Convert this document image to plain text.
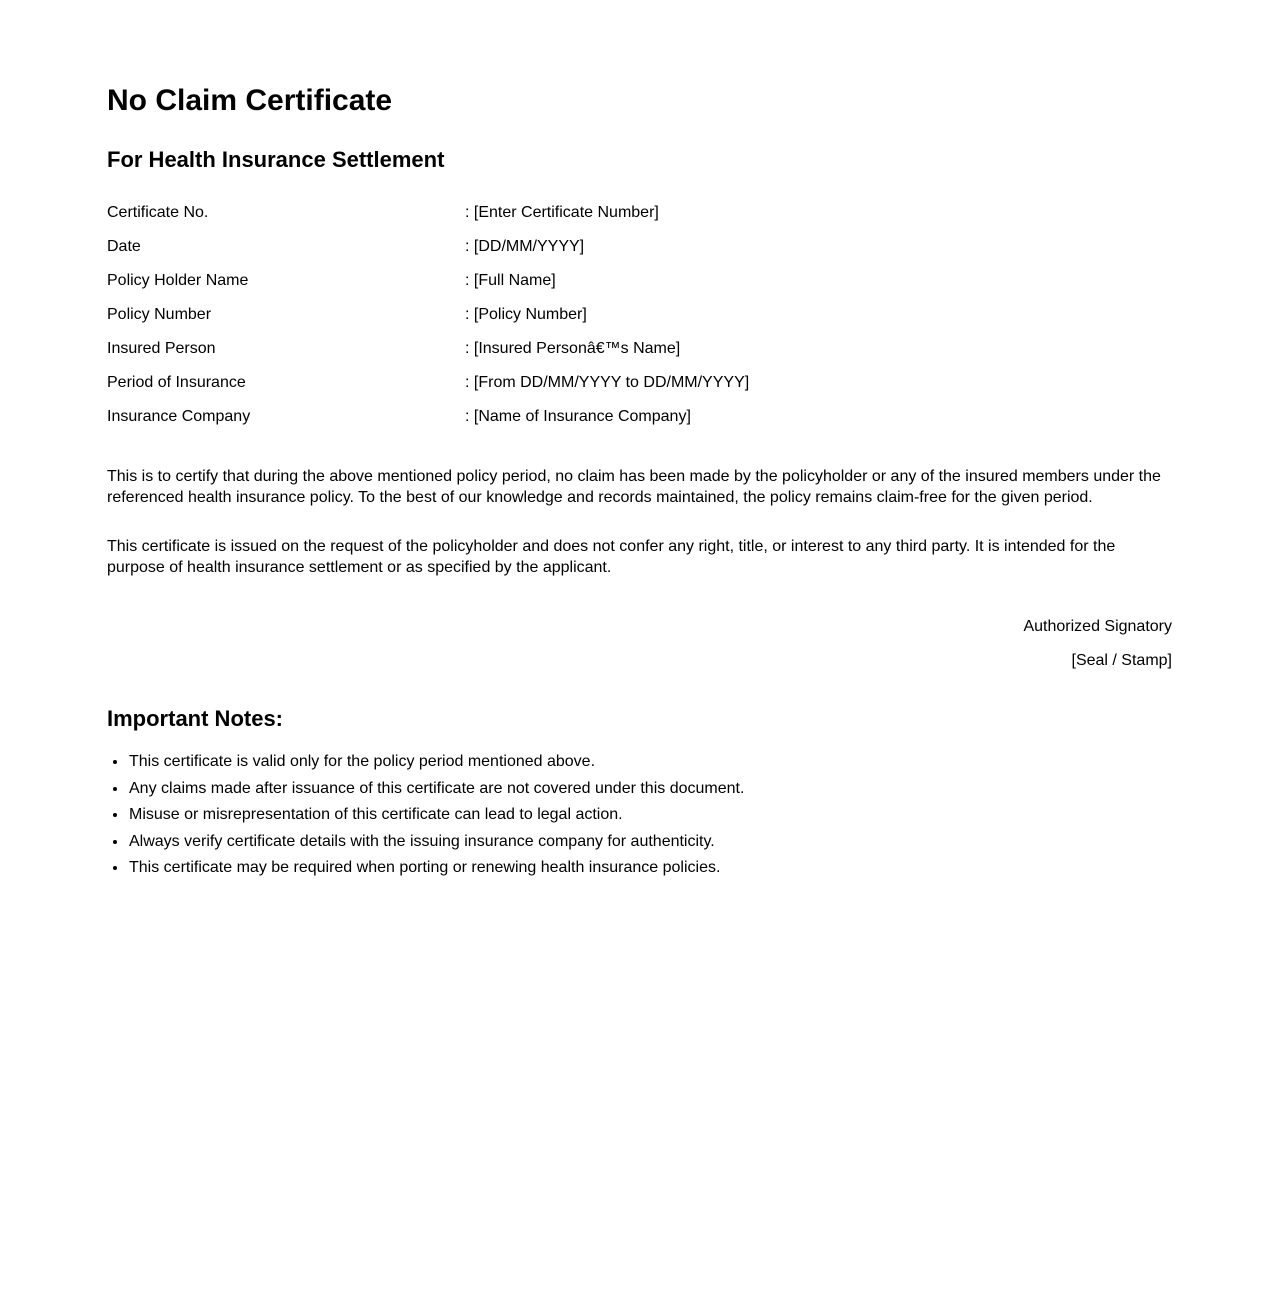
No Claim Certificate
For Health Insurance Settlement
Certificate No.	: [Enter Certificate Number]
Date	: [DD/MM/YYYY]
Policy Holder Name	: [Full Name]
Policy Number	: [Policy Number]
Insured Person	: [Insured Personâ€™s Name]
Period of Insurance	: [From DD/MM/YYYY to DD/MM/YYYY]
Insurance Company	: [Name of Insurance Company]

This is to certify that during the above mentioned policy period, no claim has been made by the policyholder or any of the insured members under the referenced health insurance policy. To the best of our knowledge and records maintained, the policy remains claim-free for the given period.

This certificate is issued on the request of the policyholder and does not confer any right, title, or interest to any third party. It is intended for the purpose of health insurance settlement or as specified by the applicant.

Authorized Signatory
[Seal / Stamp]
Important Notes:
• This certificate is valid only for the policy period mentioned above.
• Any claims made after issuance of this certificate are not covered under this document.
• Misuse or misrepresentation of this certificate can lead to legal action.
• Always verify certificate details with the issuing insurance company for authenticity.
• This certificate may be required when porting or renewing health insurance policies.
